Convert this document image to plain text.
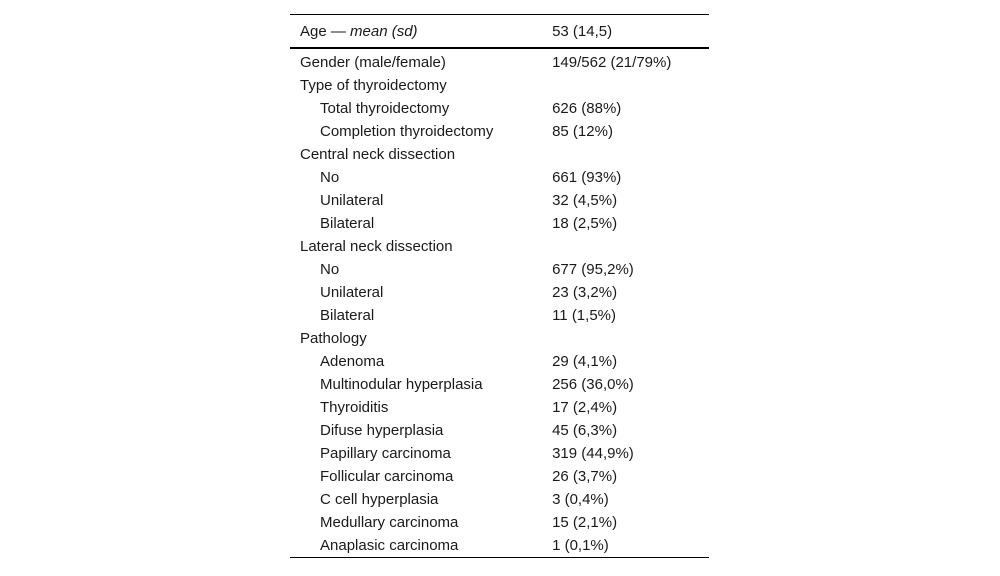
Age — mean (sd)	53 (14,5)
Gender (male/female)	149/562 (21/79%)
Type of thyroidectomy	
Total thyroidectomy	626 (88%)
Completion thyroidectomy	85 (12%)
Central neck dissection	
No	661 (93%)
Unilateral	32 (4,5%)
Bilateral	18 (2,5%)
Lateral neck dissection	
No	677 (95,2%)
Unilateral	23 (3,2%)
Bilateral	11 (1,5%)
Pathology	
Adenoma	29 (4,1%)
Multinodular hyperplasia	256 (36,0%)
Thyroiditis	17 (2,4%)
Difuse hyperplasia	45 (6,3%)
Papillary carcinoma	319 (44,9%)
Follicular carcinoma	26 (3,7%)
C cell hyperplasia	3 (0,4%)
Medullary carcinoma	15 (2,1%)
Anaplasic carcinoma	1 (0,1%)
